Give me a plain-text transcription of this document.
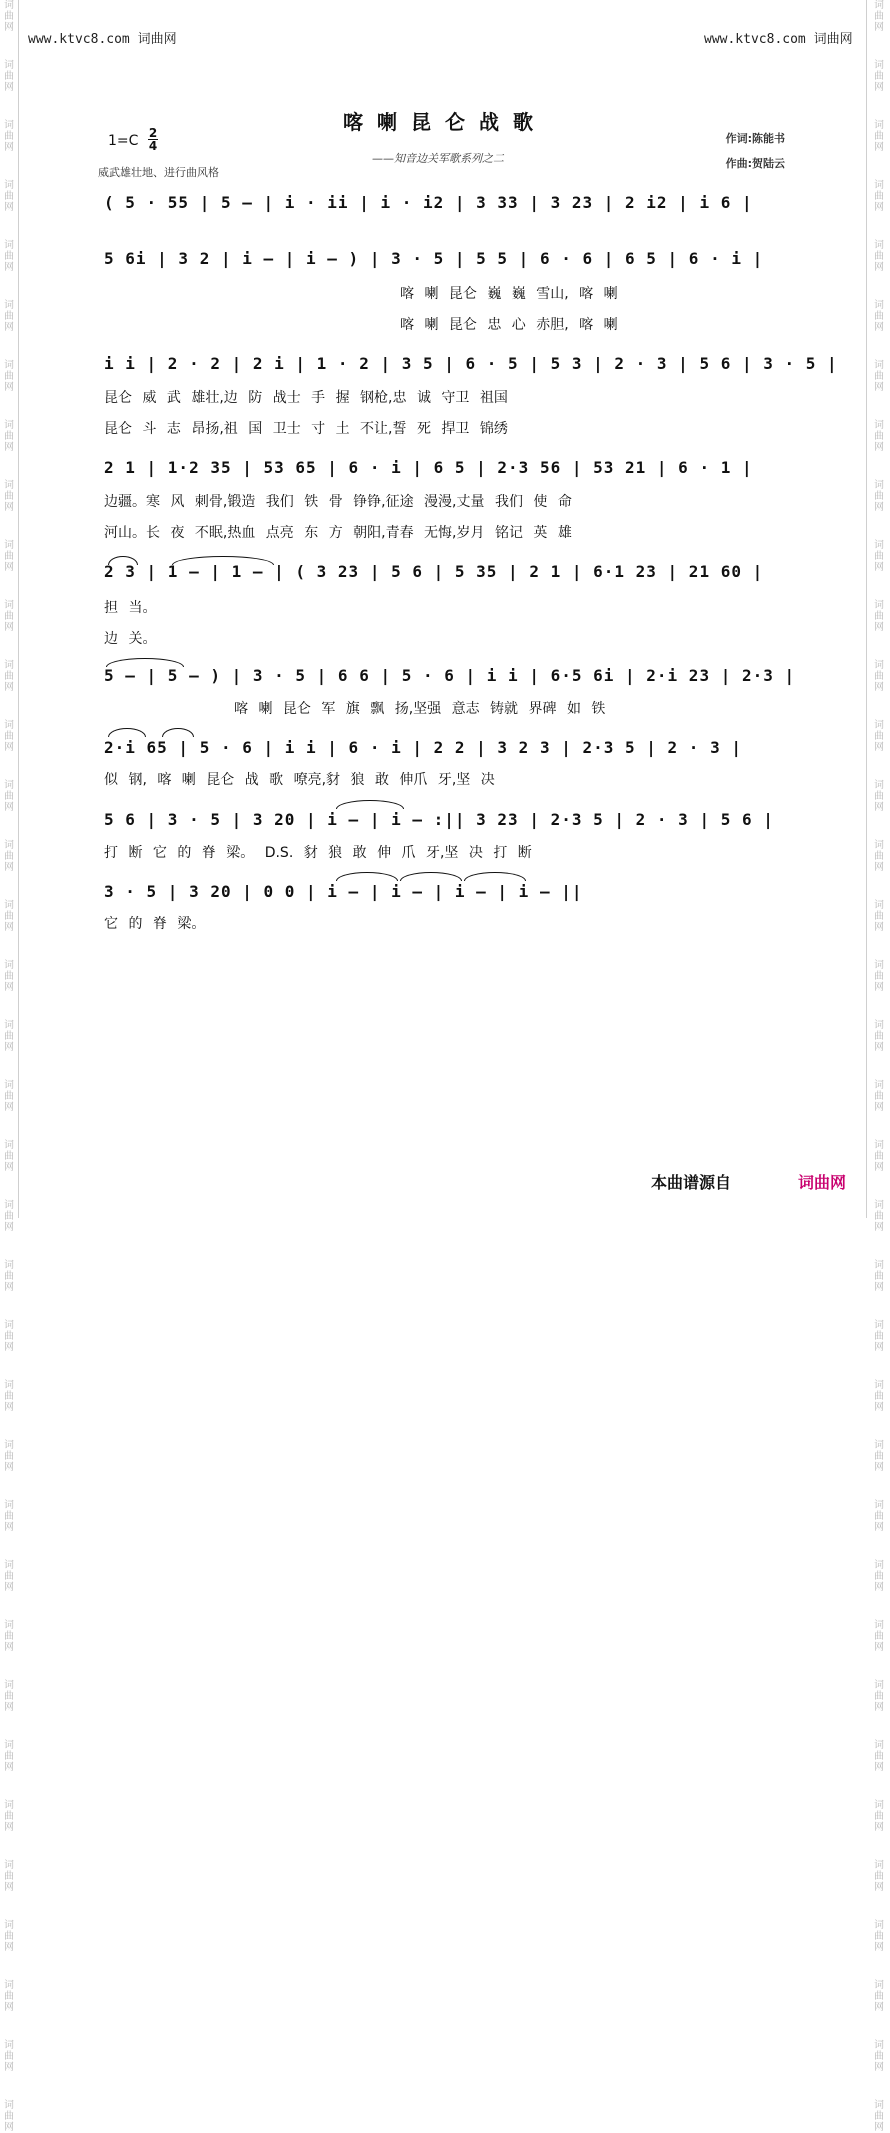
词
曲
网
词
曲
网
词
曲
网
词
曲
网
词
曲
网
词
曲
网
词
曲
网
词
曲
网
词
曲
网
词
曲
网
词
曲
网
词
曲
网
词
曲
网
词
曲
网
词
曲
网
词
曲
网
词
曲
网
词
曲
网
词
曲
网
词
曲
网
词
曲
网
词
曲
网
词
曲
网
词
曲
网
词
曲
网
词
曲
网
词
曲
网
词
曲
网
词
曲
网
词
曲
网
词
曲
网
词
曲
网
词
曲
网
词
曲
网
词
曲
网
词
曲
网
词
曲
网
词
曲
网
词
曲
网
词
曲
网
词
曲
网
词
曲
网
词
曲
网
词
曲
网
词
曲
网
词
曲
网
词
曲
网
词
曲
网
词
曲
网
词
曲
网
词
曲
网
词
曲
网
词
曲
网
词
曲
网
词
曲
网
词
曲
网
词
曲
网
词
曲
网
词
曲
网
词
曲
网
词
曲
网
词
曲
网
词
曲
网
词
曲
网
词
曲
网
词
曲
网
词
曲
网
词
曲
网
词
曲
网
词
曲
网
词
曲
网
词
曲
网
www.ktvc8.com 词曲网	www.ktvc8.com 词曲网
喀喇昆仑战歌
——知音边关军歌系列之二
1=C 2
4
威武雄壮地、进行曲风格
作词:陈能书
作曲:贺陆云
( 5 · 55 | 5 — | i · ii | i · i2 | 3 33 | 3 23 | 2 i2 | i 6 |
5 6i | 3 2 | i — | i — ) | 3 · 5 | 5 5 | 6 · 6 | 6 5 | 6 · i |
喀 喇 昆仑 巍 巍 雪山, 喀 喇
喀 喇 昆仑 忠 心 赤胆, 喀 喇
i i | 2 · 2 | 2 i | 1 · 2 | 3 5 | 6 · 5 | 5 3 | 2 · 3 | 5 6 | 3 · 5 |
昆仑 威 武 雄壮,边 防 战士 手 握 钢枪,忠 诚 守卫 祖国
昆仑 斗 志 昂扬,祖 国 卫士 寸 土 不让,誓 死 捍卫 锦绣
2 1 | 1·2 35 | 53 65 | 6 · i | 6 5 | 2·3 56 | 53 21 | 6 · 1 |
边疆。寒 风 刺骨,锻造 我们 铁 骨 铮铮,征途 漫漫,丈量 我们 使 命
河山。长 夜 不眠,热血 点亮 东 方 朝阳,青春 无悔,岁月 铭记 英 雄
2 3 | 1 — | 1 — | ( 3 23 | 5 6 | 5 35 | 2 1 | 6·1 23 | 21 60 |
担 当。
边 关。
5 — | 5 — ) | 3 · 5 | 6 6 | 5 · 6 | i i | 6·5 6i | 2·i 23 | 2·3 |
喀 喇 昆仑 军 旗 飘 扬,坚强 意志 铸就 界碑 如 铁
2·i 65 | 5 · 6 | i i | 6 · i | 2 2 | 3 2 3 | 2·3 5 | 2 · 3 |
似 钢, 喀 喇 昆仑 战 歌 嘹亮,豺 狼 敢 伸爪 牙,坚 决
5 6 | 3 · 5 | 3 20 | i — | i — :|| 3 23 | 2·3 5 | 2 · 3 | 5 6 |
打 断 它 的 脊 梁。 D.S. 豺 狼 敢 伸 爪 牙,坚 决 打 断
3 · 5 | 3 20 | 0 0 | i — | i — | i — | i — ||
它 的 脊 梁。
本曲谱源自	词曲网
